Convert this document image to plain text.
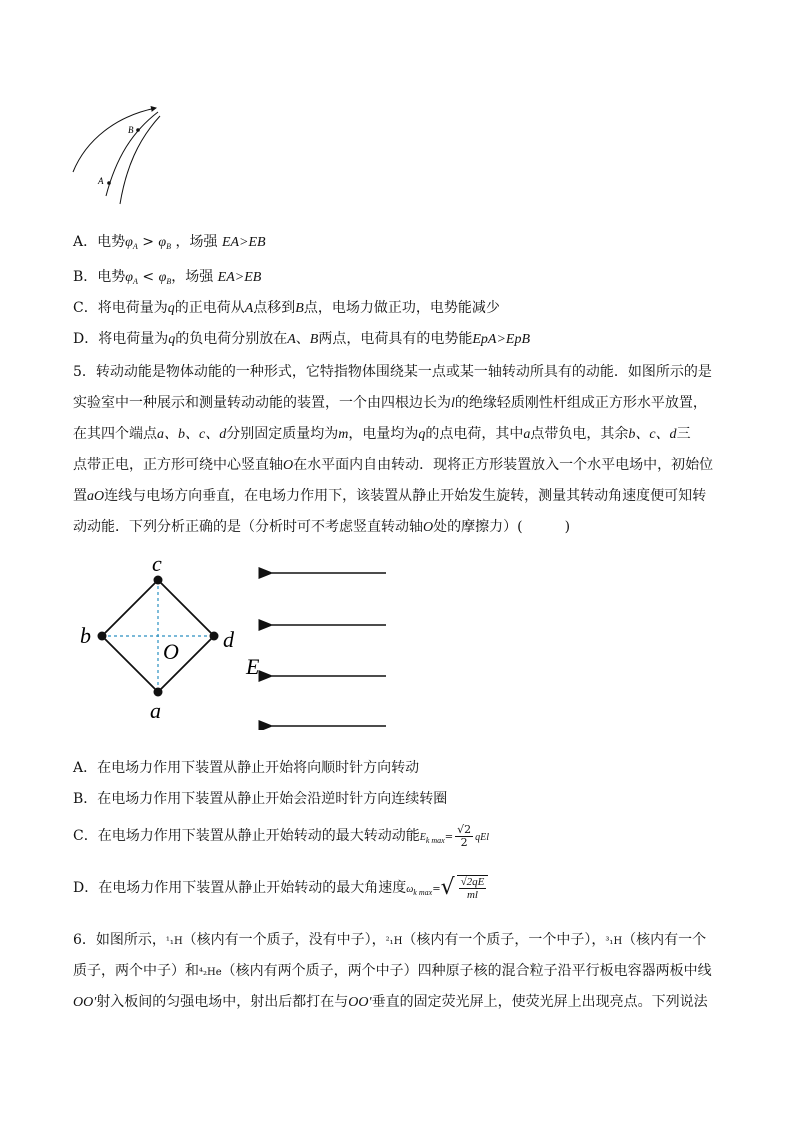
B
A
A．电势$\varphi_A > \varphi_B$ ，场强 EA>EB
B．电势$\varphi_A < \varphi_B$，场强 EA>EB
C．将电荷量为q的正电荷从A点移到B点，电场力做正功，电势能减少
D．将电荷量为q的负电荷分别放在A、B两点，电荷具有的电势能EpA>EpB
5．转动动能是物体动能的一种形式，它特指物体围绕某一点或某一轴转动所具有的动能．如图所示的是
实验室中一种展示和测量转动动能的装置，一个由四根边长为l的绝缘轻质刚性杆组成正方形水平放置，
在其四个端点a、b、c、d分别固定质量均为m，电量均为q的点电荷，其中a点带负电，其余b、c、d三
点带正电，正方形可绕中心竖直轴O在水平面内自由转动．现将正方形装置放入一个水平电场中，初始位
置aO连线与电场方向垂直，在电场力作用下，该装置从静止开始发生旋转，测量其转动角速度便可知转
动动能．下列分析正确的是（分析时可不考虑竖直转动轴O处的摩擦力）(　　　)
c
b	d
O
a
E
A．在电场力作用下装置从静止开始将向顺时针方向转动
B．在电场力作用下装置从静止开始会沿逆时针方向连续转圈
C．在电场力作用下装置从静止开始转动的最大转动动能$E_{k max}= \frac{√2}{2}$ qEl
D．在电场力作用下装置从静止开始转动的最大角速度$\omega_{k max}=√ \frac{√2qE}{ml}$
6．如图所示，¹₁H（核内有一个质子，没有中子），²₁H（核内有一个质子，一个中子），³₁H（核内有一个
质子，两个中子）和⁴₂He（核内有两个质子，两个中子）四种原子核的混合粒子沿平行板电容器两板中线
OO′射入板间的匀强电场中，射出后都打在与OO′垂直的固定荧光屏上，使荧光屏上出现亮点。下列说法
